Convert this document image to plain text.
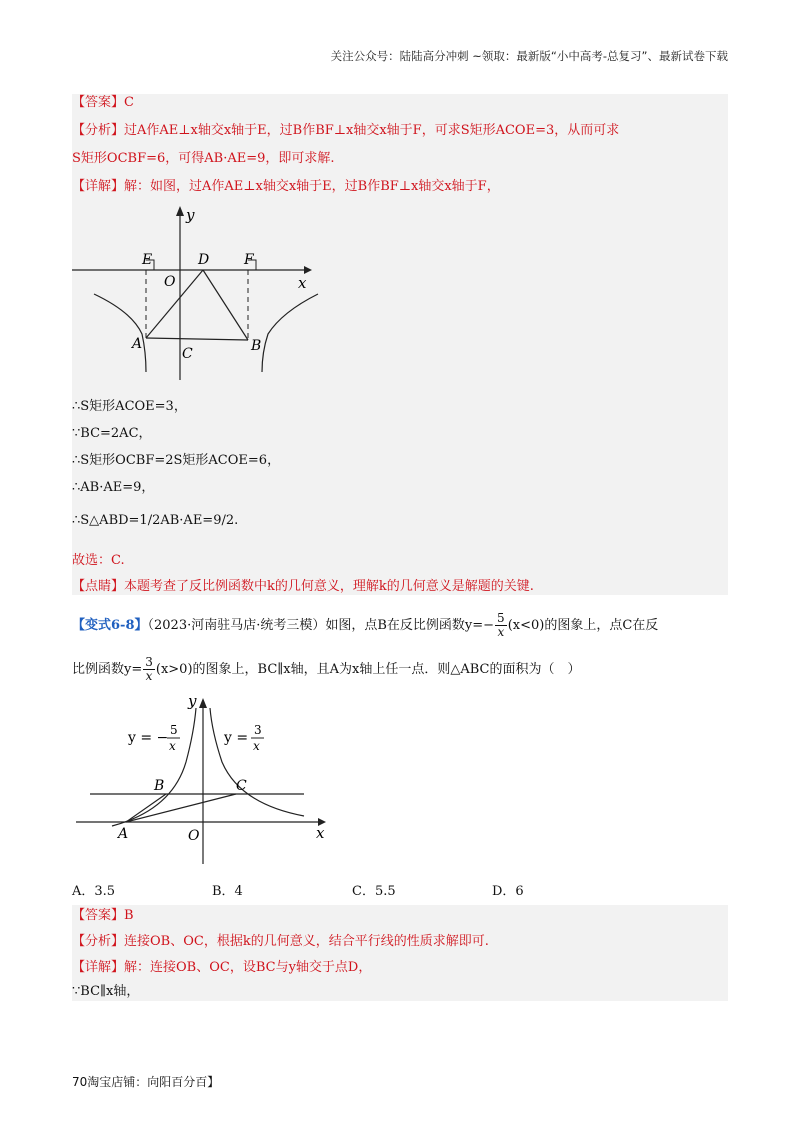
关注公众号：陆陆高分冲刺 ~领取：最新版“小中高考-总复习”、最新试卷下载
【答案】C
【分析】过A作AE⊥x轴交x轴于E，过B作BF⊥x轴交x轴于F，可求S矩形ACOE=3，从而可求
S矩形OCBF=6，可得AB·AE=9，即可求解.
【详解】解：如图，过A作AE⊥x轴交x轴于E，过B作BF⊥x轴交x轴于F，
y
x
E
O
D F
A
C	B
∴S矩形ACOE=3，
∵BC=2AC，
∴S矩形OCBF=2S矩形ACOE=6，
∴AB·AE=9，
∴S△ABD=1/2AB·AE=9/2.
故选：C.
【点睛】本题考查了反比例函数中k的几何意义，理解k的几何意义是解题的关键.
【变式6-8】（2023·河南驻马店·统考三模）如图，点B在反比例函数$y=- \frac{5}{x} (x<0)$的图象上，点C在反
比例函数$y= \frac{3}{x} (x>0)$的图象上，BC∥x轴，且A为x轴上任一点．则△ABC的面积为（　）
y
x
O
A
B	C
y = − 5
x	y = 3
x
A．3.5	B．4	C．5.5	D．6
【答案】B
【分析】连接OB、OC，根据k的几何意义，结合平行线的性质求解即可.
【详解】解：连接OB、OC，设BC与y轴交于点D，
∵BC∥x轴，
70淘宝店铺：向阳百分百】
